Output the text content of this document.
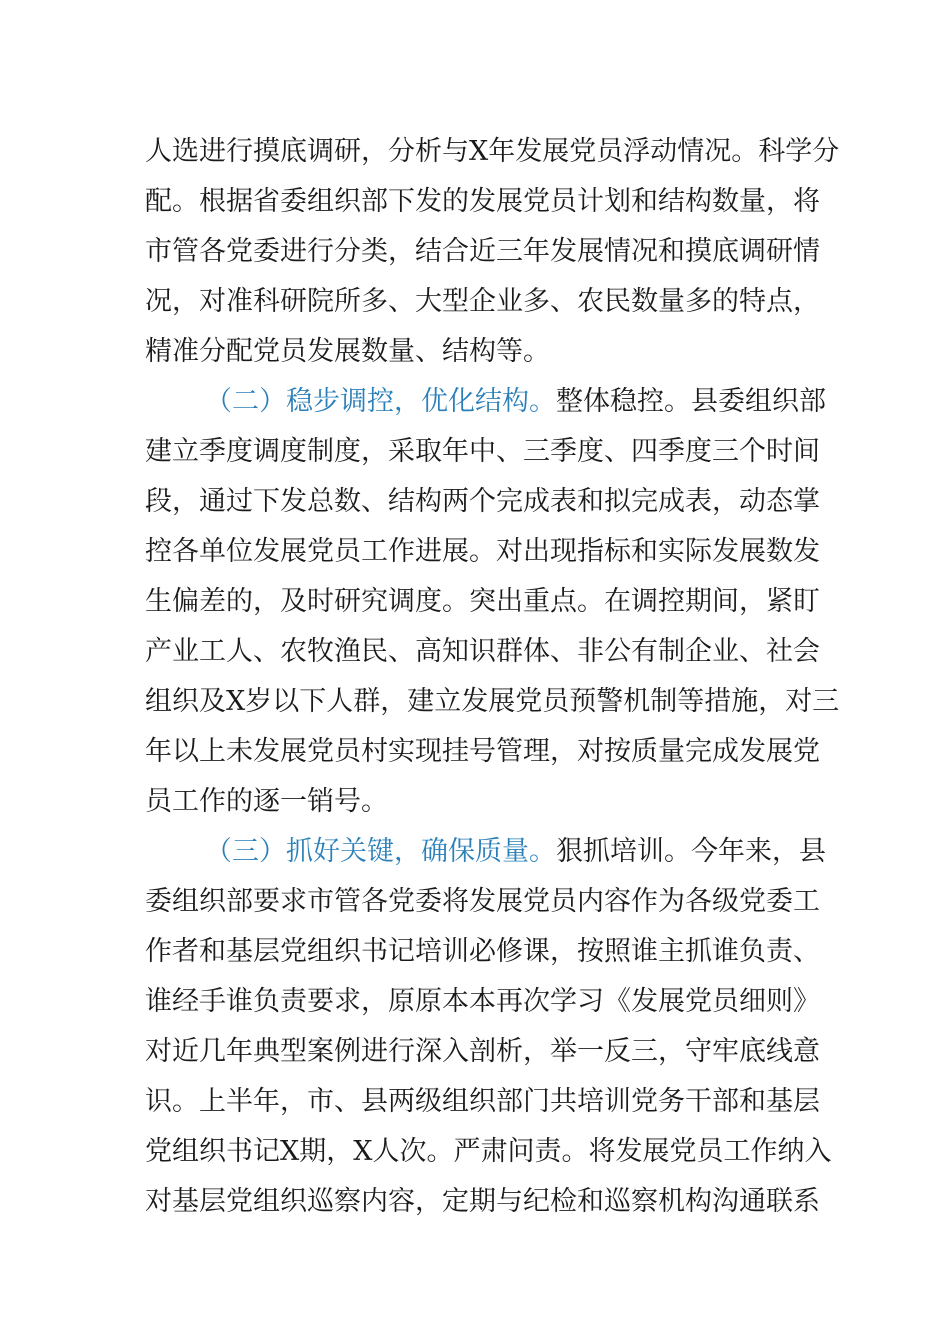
人选进行摸底调研，分析与X年发展党员浮动情况。科学分
配。根据省委组织部下发的发展党员计划和结构数量，将
市管各党委进行分类，结合近三年发展情况和摸底调研情
况，对准科研院所多、大型企业多、农民数量多的特点，
精准分配党员发展数量、结构等。
（二）稳步调控，优化结构。整体稳控。县委组织部
建立季度调度制度，采取年中、三季度、四季度三个时间
段，通过下发总数、结构两个完成表和拟完成表，动态掌
控各单位发展党员工作进展。对出现指标和实际发展数发
生偏差的，及时研究调度。突出重点。在调控期间，紧盯
产业工人、农牧渔民、高知识群体、非公有制企业、社会
组织及X岁以下人群，建立发展党员预警机制等措施，对三
年以上未发展党员村实现挂号管理，对按质量完成发展党
员工作的逐一销号。
（三）抓好关键，确保质量。狠抓培训。今年来，县
委组织部要求市管各党委将发展党员内容作为各级党委工
作者和基层党组织书记培训必修课，按照谁主抓谁负责、
谁经手谁负责要求，原原本本再次学习《发展党员细则》
对近几年典型案例进行深入剖析，举一反三，守牢底线意
识。上半年，市、县两级组织部门共培训党务干部和基层
党组织书记X期，X人次。严肃问责。将发展党员工作纳入
对基层党组织巡察内容，定期与纪检和巡察机构沟通联系
